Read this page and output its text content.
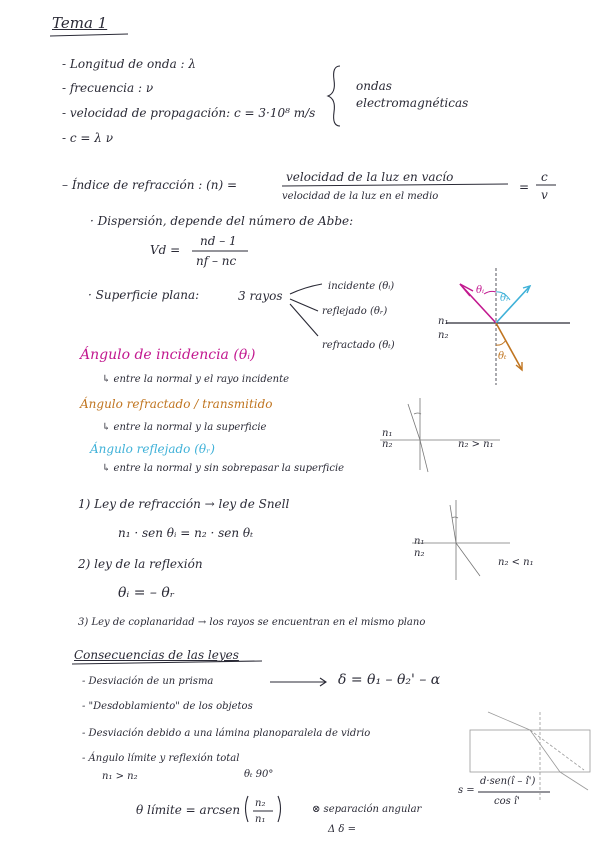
Tema 1
- Longitud de onda : λ
- frecuencia : ν
- velocidad de propagación: c = 3·10⁸ m/s
- c = λ ν
ondas
electromagnéticas
– Índice de refracción : (n) =
velocidad de la luz en vacío
velocidad de la luz en el medio
=
c
v
· Dispersión, depende del número de Abbe:
Vd =
nd – 1
nf – nc
· Superficie plana:	3 rayos
incidente (θᵢ)
reflejado (θᵣ)
refractado (θₜ)
Ángulo de incidencia (θᵢ)
↳ entre la normal y el rayo incidente
Ángulo refractado / transmitido
↳ entre la normal y la superficie
Ángulo reflejado (θᵣ)
↳ entre la normal y sin sobrepasar la superficie
1) Ley de refracción → ley de Snell
n₁ · sen θᵢ = n₂ · sen θₜ
2) ley de la reflexión
θᵢ = – θᵣ
3) Ley de coplanaridad → los rayos se encuentran en el mismo plano
Consecuencias de las leyes
- Desviación de un prisma	δ = θ₁ – θ₂' – α
- "Desdoblamiento" de los objetos
- Desviación debido a una lámina planoparalela de vidrio
- Ángulo límite y reflexión total
n₁ > n₂	θₜ 90°
θ límite = arcsen n₂
n₁
⊗ separación angular
Δ δ =
s =
d·sen(î – î')
cos î'
n₁
n₂
θᵢ
θᵣ
θₜ
n₁
n₂	n₂ > n₁
n₁
n₂
n₂ < n₁
